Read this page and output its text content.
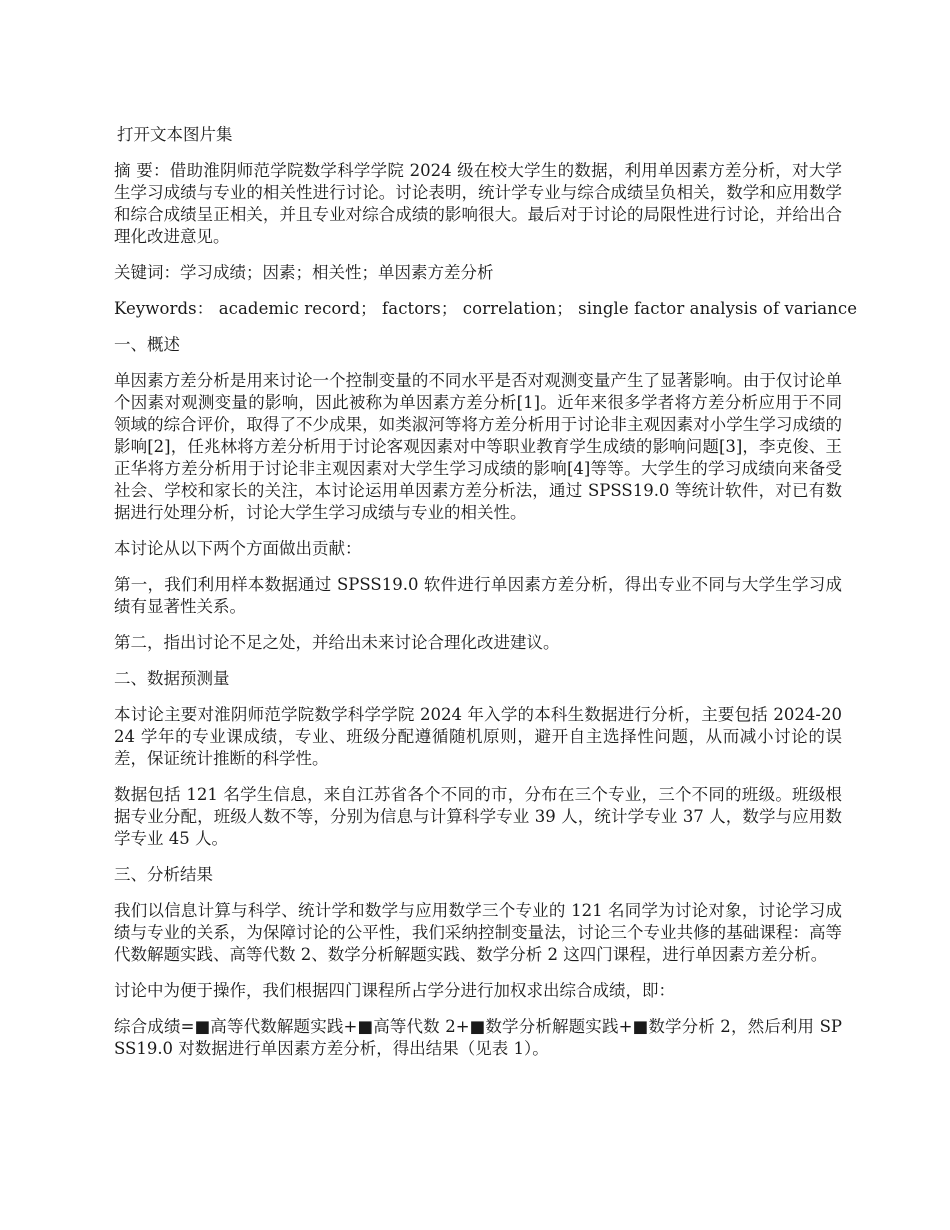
打开文本图片集

摘 要：借助淮阴师范学院数学科学学院 2024 级在校大学生的数据，利用单因素方差分析，对大学生学习成绩与专业的相关性进行讨论。讨论表明，统计学专业与综合成绩呈负相关，数学和应用数学和综合成绩呈正相关，并且专业对综合成绩的影响很大。最后对于讨论的局限性进行讨论，并给出合理化改进意见。

关键词：学习成绩；因素；相关性；单因素方差分析

Keywords： academic record； factors； correlation； single factor analysis of variance

一、概述

单因素方差分析是用来讨论一个控制变量的不同水平是否对观测变量产生了显著影响。由于仅讨论单个因素对观测变量的影响，因此被称为单因素方差分析[1]。近年来很多学者将方差分析应用于不同领域的综合评价，取得了不少成果，如类淑河等将方差分析用于讨论非主观因素对小学生学习成绩的影响[2]，任兆林将方差分析用于讨论客观因素对中等职业教育学生成绩的影响问题[3]，李克俊、王正华将方差分析用于讨论非主观因素对大学生学习成绩的影响[4]等等。大学生的学习成绩向来备受社会、学校和家长的关注，本讨论运用单因素方差分析法，通过 SPSS19.0 等统计软件，对已有数据进行处理分析，讨论大学生学习成绩与专业的相关性。

本讨论从以下两个方面做出贡献：

第一，我们利用样本数据通过 SPSS19.0 软件进行单因素方差分析，得出专业不同与大学生学习成绩有显著性关系。

第二，指出讨论不足之处，并给出未来讨论合理化改进建议。

二、数据预测量

本讨论主要对淮阴师范学院数学科学学院 2024 年入学的本科生数据进行分析，主要包括 2024-2024 学年的专业课成绩，专业、班级分配遵循随机原则，避开自主选择性问题，从而减小讨论的误差，保证统计推断的科学性。

数据包括 121 名学生信息，来自江苏省各个不同的市，分布在三个专业，三个不同的班级。班级根据专业分配，班级人数不等，分别为信息与计算科学专业 39 人，统计学专业 37 人，数学与应用数学专业 45 人。

三、分析结果

我们以信息计算与科学、统计学和数学与应用数学三个专业的 121 名同学为讨论对象，讨论学习成绩与专业的关系，为保障讨论的公平性，我们采纳控制变量法，讨论三个专业共修的基础课程：高等代数解题实践、高等代数 2、数学分析解题实践、数学分析 2 这四门课程，进行单因素方差分析。

讨论中为便于操作，我们根据四门课程所占学分进行加权求出综合成绩，即：

综合成绩=■高等代数解题实践+■高等代数 2+■数学分析解题实践+■数学分析 2，然后利用 SPSS19.0 对数据进行单因素方差分析，得出结果（见表 1）。
